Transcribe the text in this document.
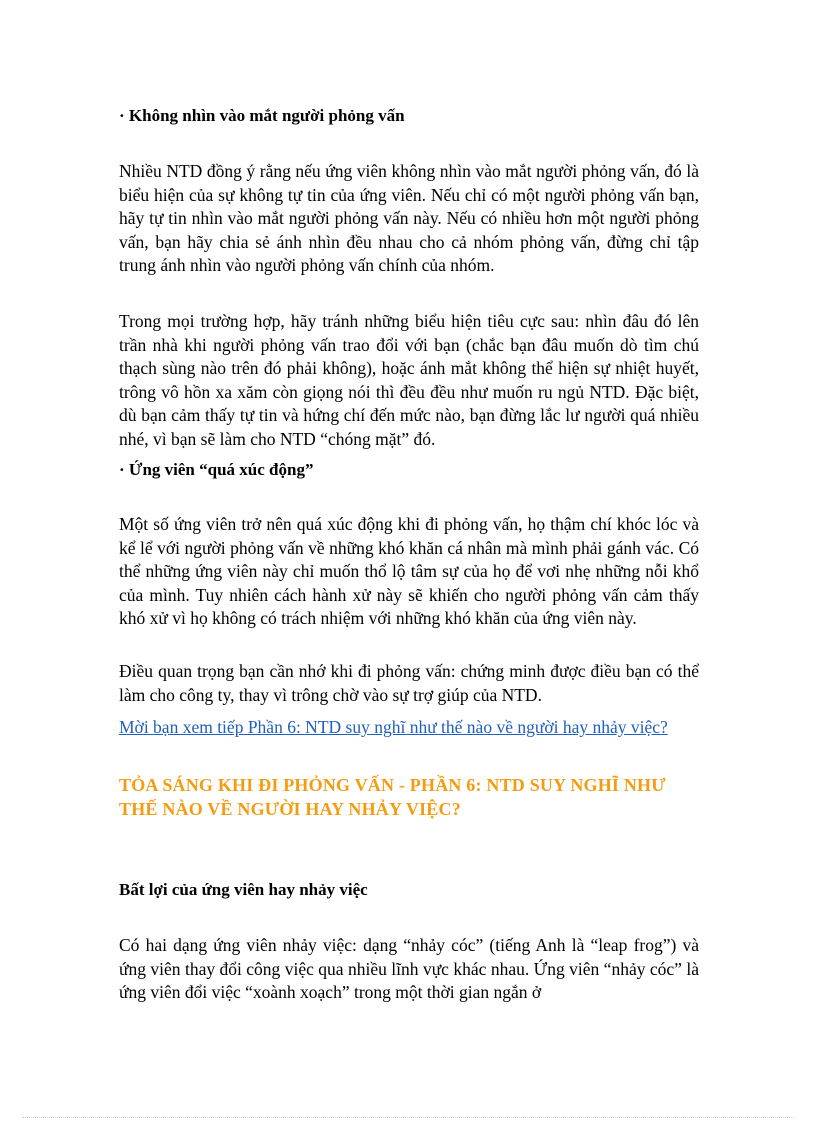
· Không nhìn vào mắt người phỏng vấn
Nhiều NTD đồng ý rằng nếu ứng viên không nhìn vào mắt người phỏng vấn, đó là biểu hiện của sự không tự tin của ứng viên. Nếu chỉ có một người phỏng vấn bạn, hãy tự tin nhìn vào mắt người phỏng vấn này. Nếu có nhiều hơn một người phỏng vấn, bạn hãy chia sẻ ánh nhìn đều nhau cho cả nhóm phỏng vấn, đừng chỉ tập trung ánh nhìn vào người phỏng vấn chính của nhóm.
Trong mọi trường hợp, hãy tránh những biểu hiện tiêu cực sau: nhìn đâu đó lên trần nhà khi người phỏng vấn trao đổi với bạn (chắc bạn đâu muốn dò tìm chú thạch sùng nào trên đó phải không), hoặc ánh mắt không thể hiện sự nhiệt huyết, trông vô hồn xa xăm còn giọng nói thì đều đều như muốn ru ngủ NTD. Đặc biệt, dù bạn cảm thấy tự tin và hứng chí đến mức nào, bạn đừng lắc lư người quá nhiều nhé, vì bạn sẽ làm cho NTD “chóng mặt” đó.
· Ứng viên “quá xúc động”
Một số ứng viên trở nên quá xúc động khi đi phỏng vấn, họ thậm chí khóc lóc và kể lể với người phỏng vấn về những khó khăn cá nhân mà mình phải gánh vác. Có thể những ứng viên này chỉ muốn thổ lộ tâm sự của họ để vơi nhẹ những nỗi khổ của mình. Tuy nhiên cách hành xử này sẽ khiến cho người phỏng vấn cảm thấy khó xử vì họ không có trách nhiệm với những khó khăn của ứng viên này.
Điều quan trọng bạn cần nhớ khi đi phỏng vấn: chứng minh được điều bạn có thể làm cho công ty, thay vì trông chờ vào sự trợ giúp của NTD.
Mời bạn xem tiếp Phần 6: NTD suy nghĩ như thế nào về người hay nhảy việc?
TỎA SÁNG KHI ĐI PHỎNG VẤN - PHẦN 6: NTD SUY NGHĨ NHƯ THẾ NÀO VỀ NGƯỜI HAY NHẢY VIỆC?
Bất lợi của ứng viên hay nhảy việc
Có hai dạng ứng viên nhảy việc: dạng “nhảy cóc” (tiếng Anh là “leap frog”) và ứng viên thay đổi công việc qua nhiều lĩnh vực khác nhau. Ứng viên “nhảy cóc” là ứng viên đổi việc “xoành xoạch” trong một thời gian ngắn ở
